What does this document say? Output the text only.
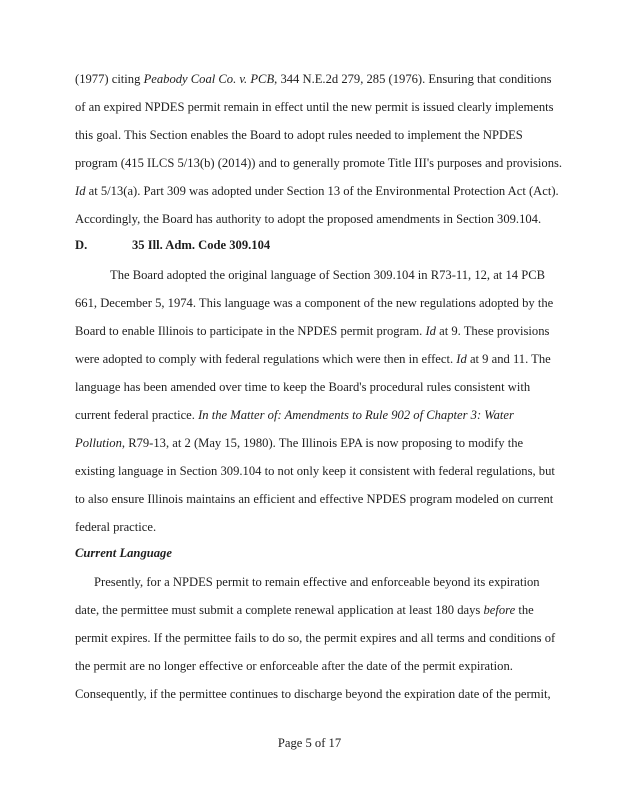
(1977) citing Peabody Coal Co. v. PCB, 344 N.E.2d 279, 285 (1976). Ensuring that conditions
of an expired NPDES permit remain in effect until the new permit is issued clearly implements
this goal. This Section enables the Board to adopt rules needed to implement the NPDES
program (415 ILCS 5/13(b) (2014)) and to generally promote Title III's purposes and provisions.
Id at 5/13(a). Part 309 was adopted under Section 13 of the Environmental Protection Act (Act).
Accordingly, the Board has authority to adopt the proposed amendments in Section 309.104.
D.	35 Ill. Adm. Code 309.104
The Board adopted the original language of Section 309.104 in R73-11, 12, at 14 PCB
661, December 5, 1974. This language was a component of the new regulations adopted by the
Board to enable Illinois to participate in the NPDES permit program. Id at 9. These provisions
were adopted to comply with federal regulations which were then in effect. Id at 9 and 11. The
language has been amended over time to keep the Board's procedural rules consistent with
current federal practice. In the Matter of: Amendments to Rule 902 of Chapter 3: Water
Pollution, R79-13, at 2 (May 15, 1980). The Illinois EPA is now proposing to modify the
existing language in Section 309.104 to not only keep it consistent with federal regulations, but
to also ensure Illinois maintains an efficient and effective NPDES program modeled on current
federal practice.
Current Language
Presently, for a NPDES permit to remain effective and enforceable beyond its expiration
date, the permittee must submit a complete renewal application at least 180 days before the
permit expires. If the permittee fails to do so, the permit expires and all terms and conditions of
the permit are no longer effective or enforceable after the date of the permit expiration.
Consequently, if the permittee continues to discharge beyond the expiration date of the permit,
Page 5 of 17
